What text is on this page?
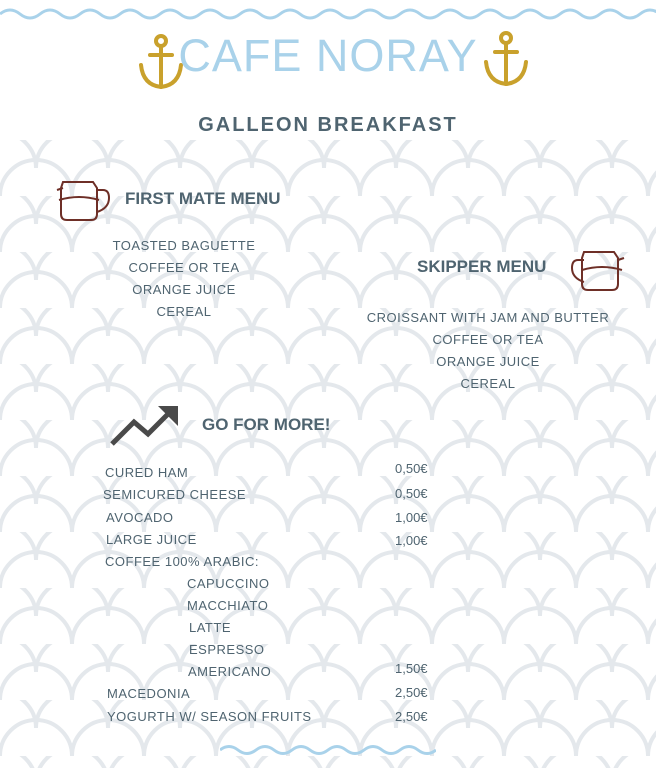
CAFE NORAY
GALLEON BREAKFAST
FIRST MATE MENU
TOASTED BAGUETTE
COFFEE OR TEA
ORANGE JUICE
CEREAL
SKIPPER MENU
CROISSANT WITH JAM AND BUTTER
COFFEE OR TEA
ORANGE JUICE
CEREAL
GO FOR MORE!
CURED HAM	0,50€
SEMICURED CHEESE	0,50€
AVOCADO	1,00€
LARGE JUICE	1,00€
COFFEE 100% ARABIC:
CAPUCCINO
MACCHIATO
LATTE
ESPRESSO
AMERICANO	1,50€
MACEDONIA	2,50€
YOGURTH W/ SEASON FRUITS	2,50€
